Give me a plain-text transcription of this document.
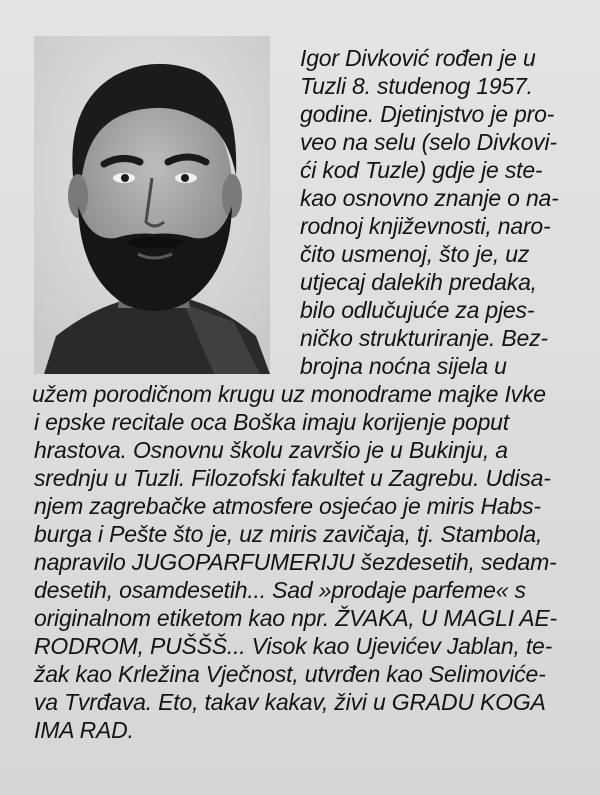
Igor Divković rođen je u
Tuzli 8. studenog 1957.
godine. Djetinjstvo je pro-
veo na selu (selo Divkovi-
ći kod Tuzle) gdje je ste-
kao osnovno znanje o na-
rodnoj književnosti, naro-
čito usmenoj, što je, uz
utjecaj dalekih predaka,
bilo odlučujuće za pjes-
ničko strukturiranje. Bez-
brojna noćna sijela u
užem porodičnom krugu uz monodrame majke Ivke
i epske recitale oca Boška imaju korijenje poput
hrastova. Osnovnu školu završio je u Bukinju, a
srednju u Tuzli. Filozofski fakultet u Zagrebu. Udisa-
njem zagrebačke atmosfere osjećao je miris Habs-
burga i Pešte što je, uz miris zavičaja, tj. Stambola,
napravilo JUGOPARFUMERIJU šezdesetih, sedam-
desetih, osamdesetih... Sad »prodaje parfeme« s
originalnom etiketom kao npr. ŽVAKA, U MAGLI AE-
RODROM, PUŠŠŠ... Visok kao Ujevićev Jablan, te-
žak kao Krležina Vječnost, utvrđen kao Selimoviće-
va Tvrđava. Eto, takav kakav, živi u GRADU KOGA
IMA RAD.
